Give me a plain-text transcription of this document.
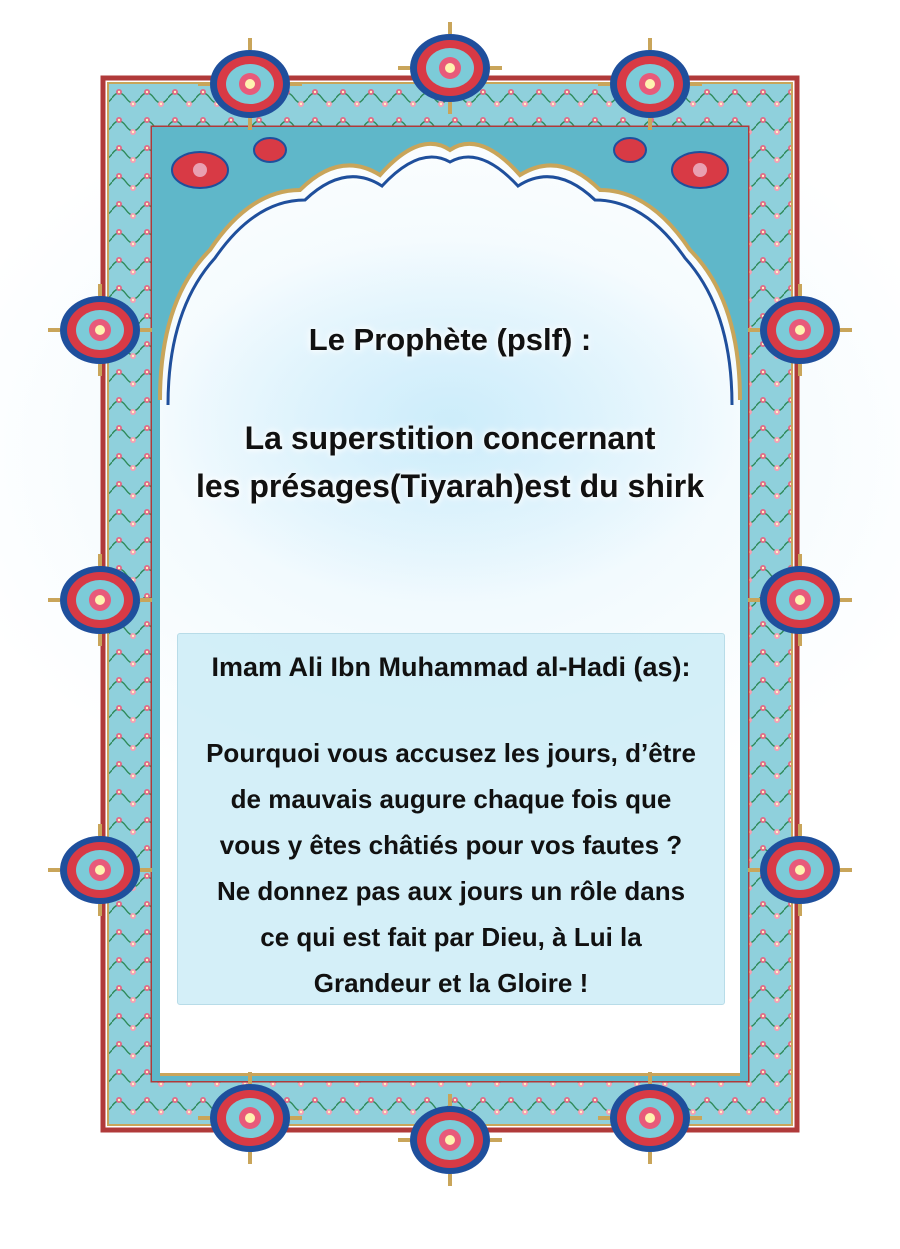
Le Prophète (pslf) :
La superstition concernant
les présages(Tiyarah)est du shirk
Imam Ali Ibn Muhammad al-Hadi (as):
Pourquoi vous accusez les jours, d’être
de mauvais augure chaque fois que
vous y êtes châtiés pour vos fautes ?
Ne donnez pas aux jours un rôle dans
ce qui est fait par Dieu, à Lui la
Grandeur et la Gloire !
